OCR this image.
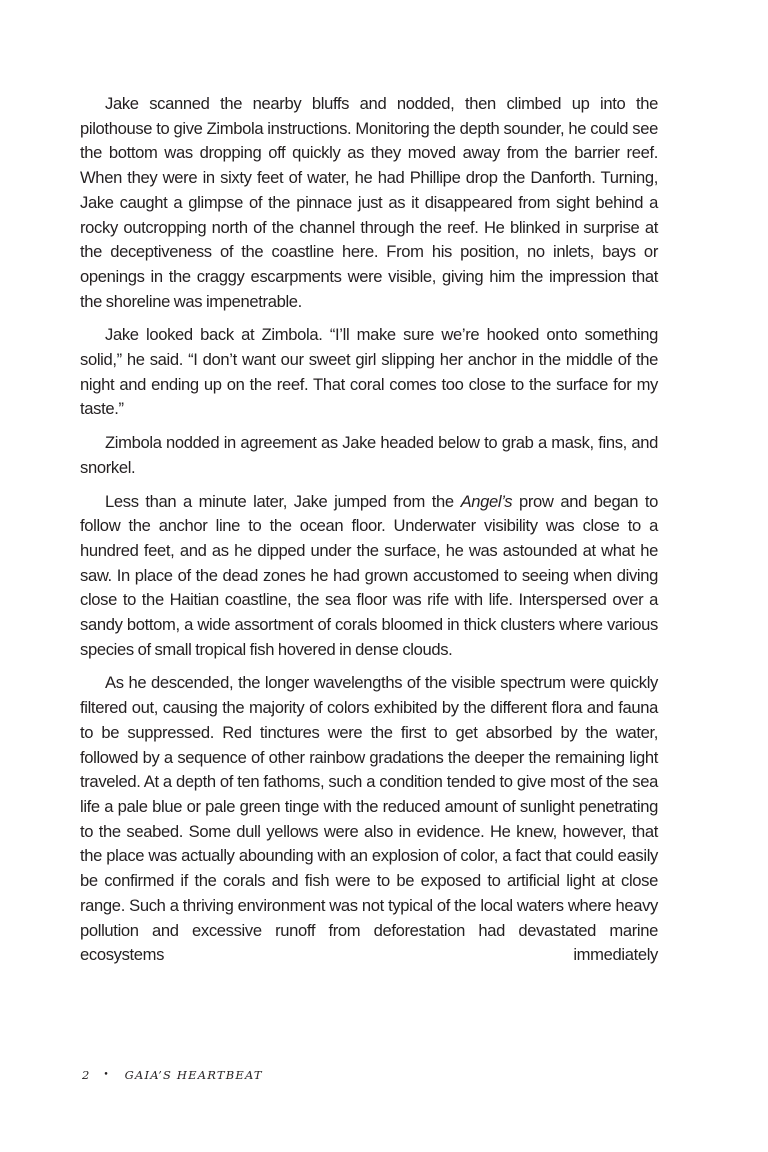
Jake scanned the nearby bluffs and nodded, then climbed up into the pilothouse to give Zimbola instructions. Monitoring the depth sounder, he could see the bottom was dropping off quickly as they moved away from the barrier reef. When they were in sixty feet of water, he had Phillipe drop the Danforth. Turning, Jake caught a glimpse of the pinnace just as it disappeared from sight behind a rocky outcropping north of the channel through the reef. He blinked in surprise at the deceptiveness of the coastline here. From his position, no inlets, bays or openings in the craggy escarpments were visible, giving him the impression that the shoreline was impenetrable.

Jake looked back at Zimbola. “I’ll make sure we’re hooked onto something solid,” he said. “I don’t want our sweet girl slipping her anchor in the middle of the night and ending up on the reef. That coral comes too close to the surface for my taste.”

Zimbola nodded in agreement as Jake headed below to grab a mask, fins, and snorkel.

Less than a minute later, Jake jumped from the Angel’s prow and began to follow the anchor line to the ocean floor. Underwater visibility was close to a hundred feet, and as he dipped under the surface, he was astounded at what he saw. In place of the dead zones he had grown accustomed to seeing when diving close to the Haitian coastline, the sea floor was rife with life. Interspersed over a sandy bottom, a wide assortment of corals bloomed in thick clusters where various species of small tropical fish hovered in dense clouds.

As he descended, the longer wavelengths of the visible spectrum were quickly filtered out, causing the majority of colors exhibited by the different flora and fauna to be suppressed. Red tinctures were the first to get absorbed by the water, followed by a sequence of other rainbow gradations the deeper the remaining light traveled. At a depth of ten fathoms, such a condition tended to give most of the sea life a pale blue or pale green tinge with the reduced amount of sunlight penetrating to the seabed. Some dull yellows were also in evidence. He knew, however, that the place was actually abounding with an explosion of color, a fact that could easily be confirmed if the corals and fish were to be exposed to artificial light at close range. Such a thriving environment was not typical of the local waters where heavy pollution and excessive runoff from deforestation had devastated marine ecosystems immediately

2 • GAIA’S HEARTBEAT
